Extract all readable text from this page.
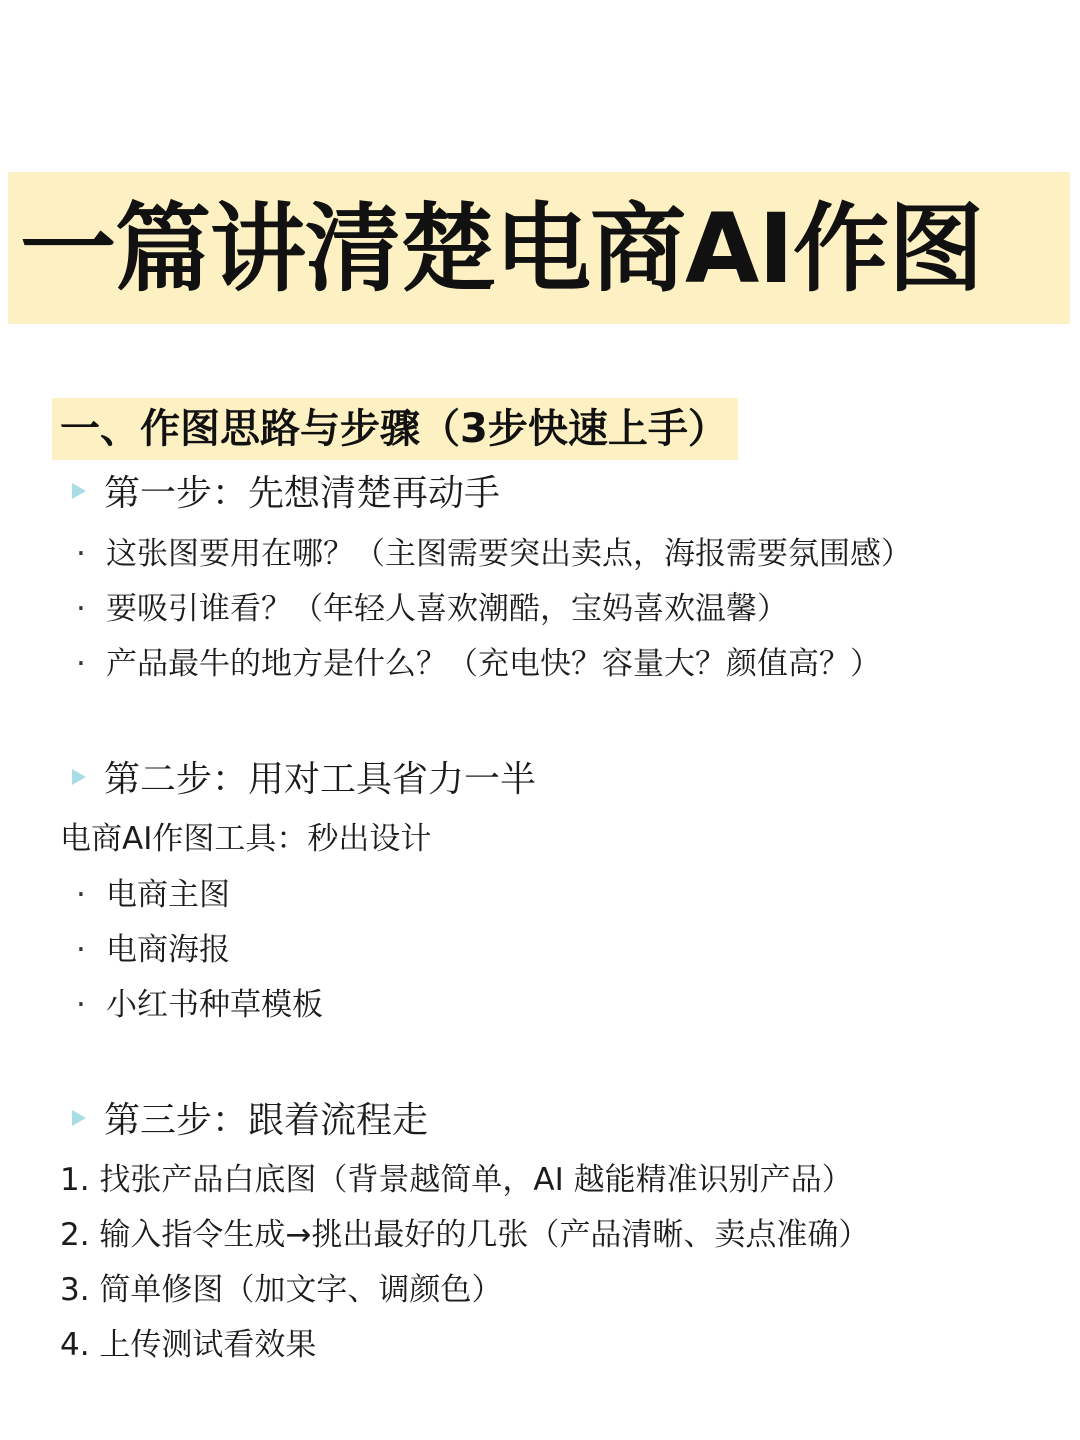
一篇讲清楚电商AI作图
一、作图思路与步骤（3步快速上手）
第一步：先想清楚再动手
· 这张图要用在哪？（主图需要突出卖点，海报需要氛围感）
· 要吸引谁看？（年轻人喜欢潮酷，宝妈喜欢温馨）
· 产品最牛的地方是什么？（充电快？容量大？颜值高？）
第二步：用对工具省力一半
电商AI作图工具：秒出设计
· 电商主图
· 电商海报
· 小红书种草模板
第三步：跟着流程走
1. 找张产品白底图（背景越简单，AI 越能精准识别产品）
2. 输入指令生成→挑出最好的几张（产品清晰、卖点准确）
3. 简单修图（加文字、调颜色）
4. 上传测试看效果
